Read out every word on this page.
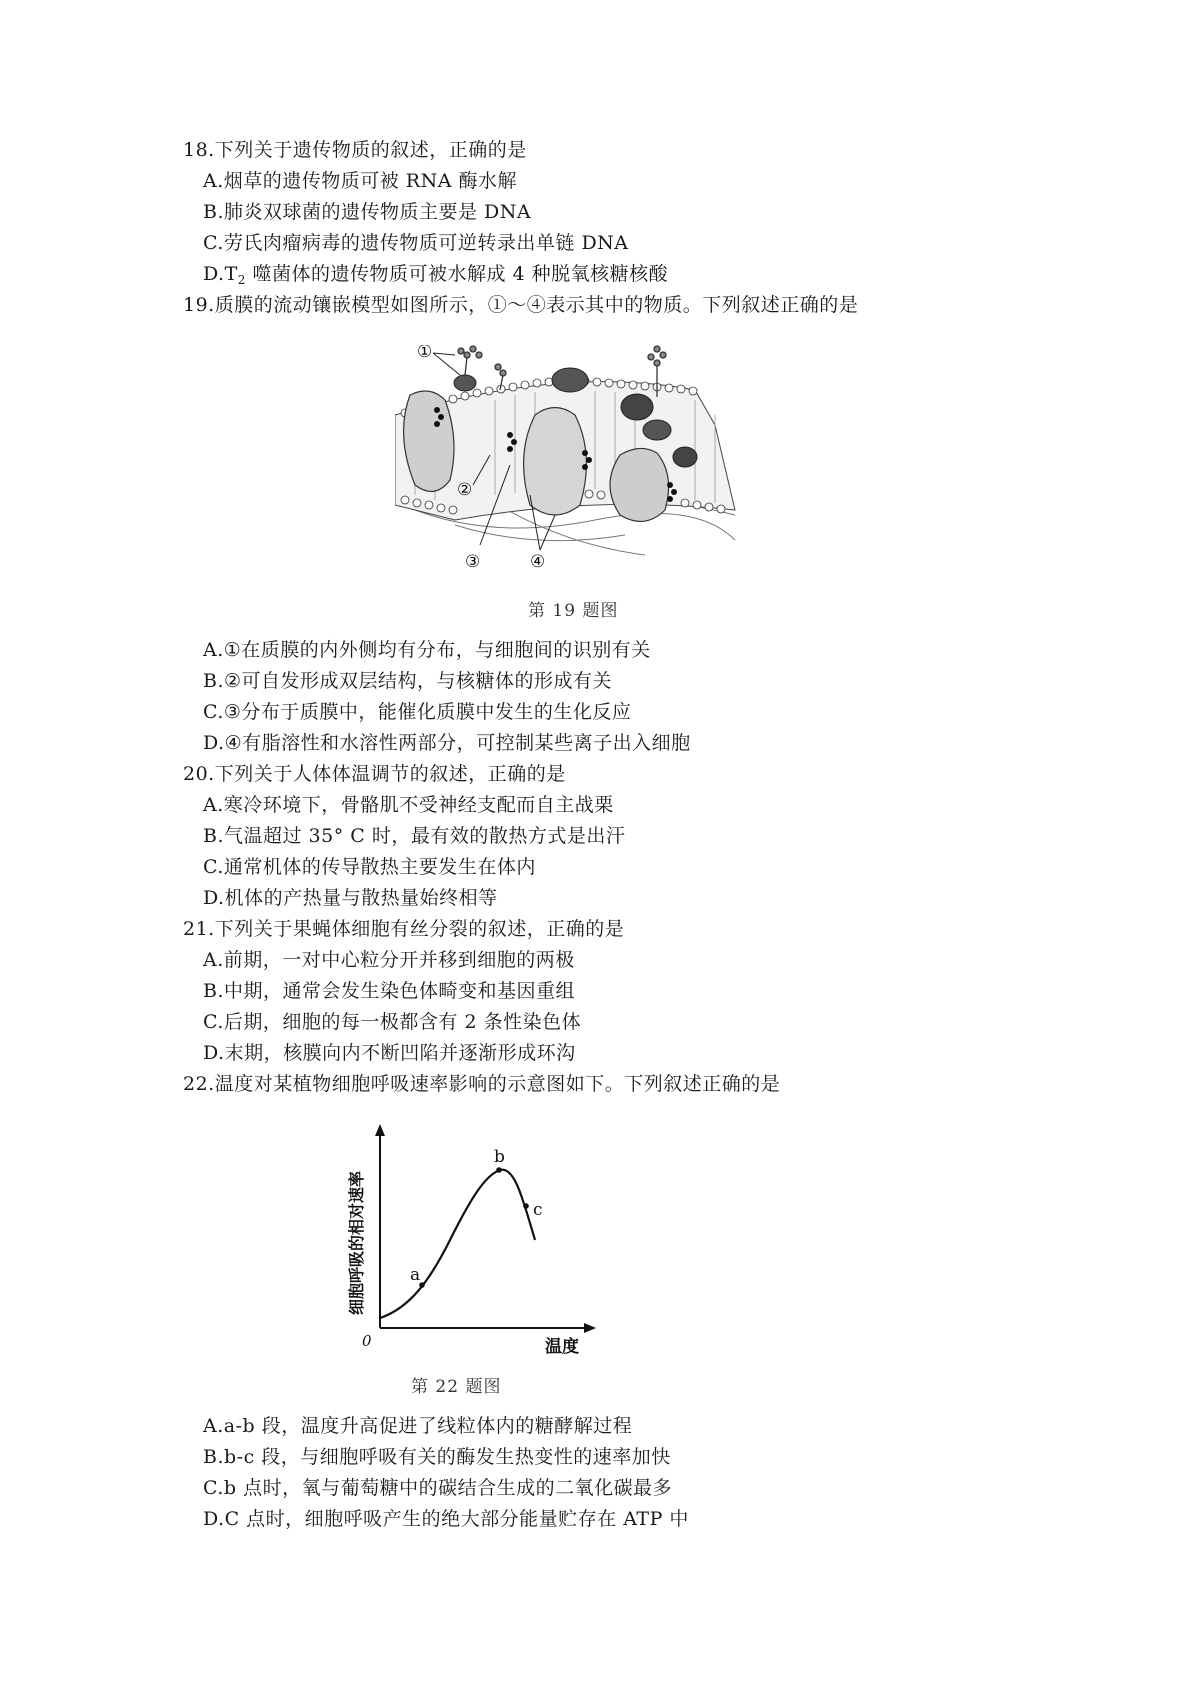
18.下列关于遗传物质的叙述，正确的是
A.烟草的遗传物质可被 RNA 酶水解
B.肺炎双球菌的遗传物质主要是 DNA
C.劳氏肉瘤病毒的遗传物质可逆转录出单链 DNA
$D.T_2$ 噬菌体的遗传物质可被水解成 4 种脱氧核糖核酸
19.质膜的流动镶嵌模型如图所示，①～④表示其中的物质。下列叙述正确的是
①
②
③	④
第 19 题图
A.①在质膜的内外侧均有分布，与细胞间的识别有关
B.②可自发形成双层结构，与核糖体的形成有关
C.③分布于质膜中，能催化质膜中发生的生化反应
D.④有脂溶性和水溶性两部分，可控制某些离子出入细胞
20.下列关于人体体温调节的叙述，正确的是
A.寒冷环境下，骨骼肌不受神经支配而自主战栗
B.气温超过 35° C 时，最有效的散热方式是出汗
C.通常机体的传导散热主要发生在体内
D.机体的产热量与散热量始终相等
21.下列关于果蝇体细胞有丝分裂的叙述，正确的是
A.前期，一对中心粒分开并移到细胞的两极
B.中期，通常会发生染色体畸变和基因重组
C.后期，细胞的每一极都含有 2 条性染色体
D.末期，核膜向内不断凹陷并逐渐形成环沟
22.温度对某植物细胞呼吸速率影响的示意图如下。下列叙述正确的是
a
b
c
0	温度
细胞呼吸的相对速率
第 22 题图
A.a-b 段，温度升高促进了线粒体内的糖酵解过程
B.b-c 段，与细胞呼吸有关的酶发生热变性的速率加快
C.b 点时，氧与葡萄糖中的碳结合生成的二氧化碳最多
D.C 点时，细胞呼吸产生的绝大部分能量贮存在 ATP 中
